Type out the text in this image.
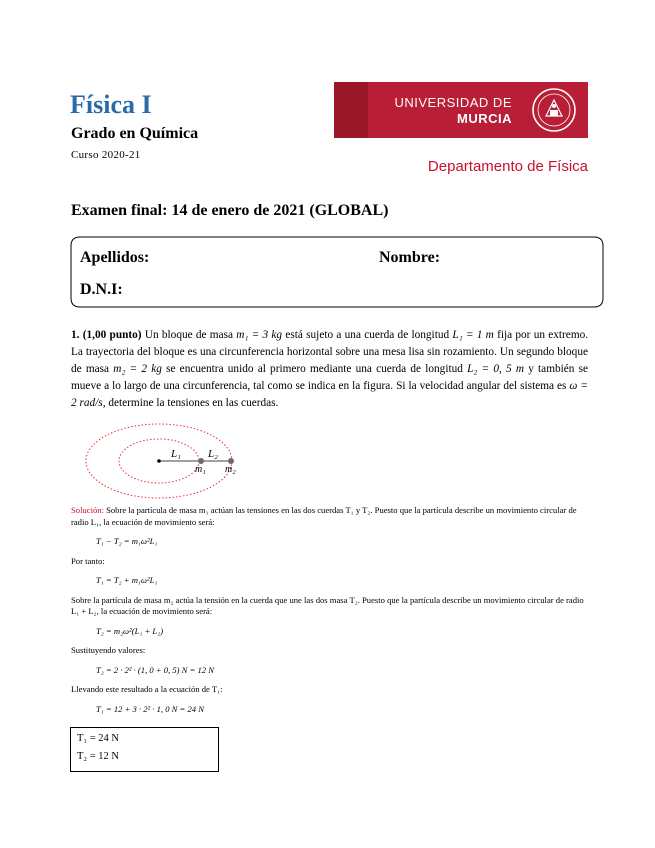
Física I
Grado en Química
Curso 2020-21
UNIVERSIDAD DE
MURCIA
Departamento de Física
Examen final: 14 de enero de 2021 (GLOBAL)
Apellidos:	Nombre:
D.N.I:
1. (1,00 punto) Un bloque de masa m₁ = 3 kg está sujeto a una cuerda de longitud L₁ = 1 m fija por un extremo. La trayectoria del bloque es una circunferencia horizontal sobre una mesa lisa sin rozamiento. Un segundo bloque de masa m₂ = 2 kg se encuentra unido al primero mediante una cuerda de longitud L₂ = 0, 5 m y también se mueve a lo largo de una circunferencia, tal como se indica en la figura. Si la velocidad angular del sistema es ω = 2 rad/s, determine la tensiones en las cuerdas.
L₁ L₂
m₁ m₂

Solución: Sobre la partícula de masa m₁ actúan las tensiones en las dos cuerdas T₁ y T₂. Puesto que la partícula describe un movimiento circular de radio L₁, la ecuación de movimiento será:

T₁ − T₂ = m₁ω²L₁

Por tanto:

T₁ = T₂ + m₁ω²L₁

Sobre la partícula de masa m₂ actúa la tensión en la cuerda que une las dos masa T₂. Puesto que la partícula describe un movimiento circular de radio L₁ + L₂, la ecuación de movimiento será:

T₂ = m₂ω²(L₁ + L₂)

Sustituyendo valores:

T₂ = 2 · 2² · (1, 0 + 0, 5) N = 12 N

Llevando este resultado a la ecuación de T₁:

T₁ = 12 + 3 · 2² · 1, 0 N = 24 N
T₁ = 24 N
T₂ = 12 N
